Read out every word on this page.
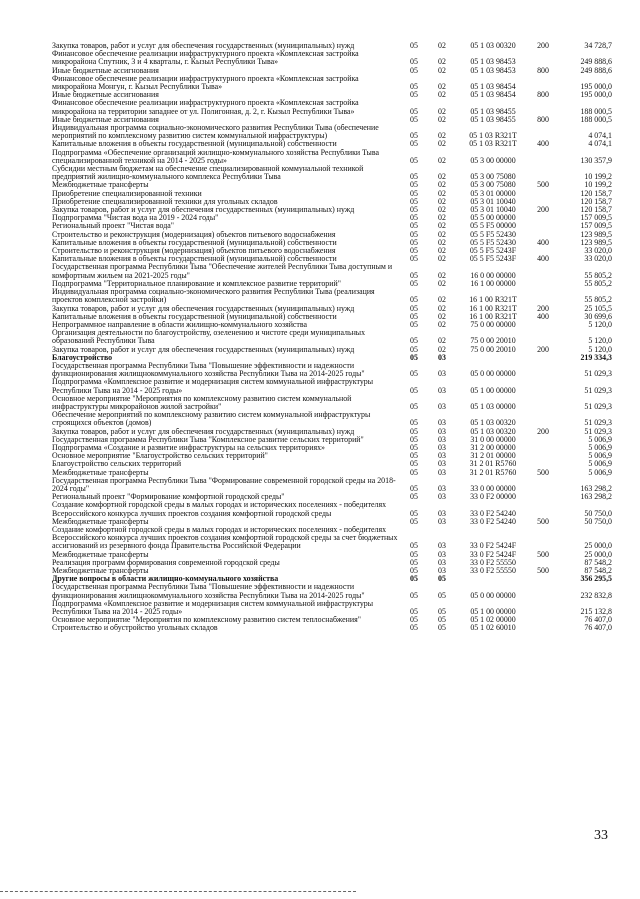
Закупка товаров, работ и услуг для обеспечения государственных (муниципальных) нужд	05	02	05 1 03 00320	200	34 728,7
Финансовое обеспечение реализации инфраструктурного проекта «Комплексная застройка микрорайона Спутник, 3 и 4 кварталы, г. Кызыл Республики Тыва»	05	02	05 1 03 98453	249 888,6
Иные бюджетные ассигнования	05	02	05 1 03 98453	800	249 888,6
Финансовое обеспечение реализации инфраструктурного проекта «Комплексная застройка микрорайона Монгун, г. Кызыл Республики Тыва»	05	02	05 1 03 98454	195 000,0
Иные бюджетные ассигнования	05	02	05 1 03 98454	800	195 000,0
Финансовое обеспечение реализации инфраструктурного проекта «Комплексная застройка микрорайона на территории западнее от ул. Полигонная, д. 2, г. Кызыл Республики Тыва»	05	02	05 1 03 98455	188 000,5
Иные бюджетные ассигнования	05	02	05 1 03 98455	800	188 000,5
Индивидуальная программа социально-экономического развития Республики Тыва (обеспечение мероприятий по комплексному развитию систем коммунальной инфраструктуры)	05	02	05 1 03 R321T	4 074,1
Капитальные вложения в объекты государственной (муниципальной) собственности	05	02	05 1 03 R321T	400	4 074,1
Подпрограмма «Обеспечение организаций жилищно-коммунального хозяйства Республики Тыва специализированной техникой на 2014 - 2025 годы»	05	02	05 3 00 00000	130 357,9
Субсидии местным бюджетам на обеспечение специализированной коммунальной техникой предприятий жилищно-коммунального комплекса Республики Тыва	05	02	05 3 00 75080	10 199,2
Межбюджетные трансферты	05	02	05 3 00 75080	500	10 199,2
Приобретение специализированной техники	05	02	05 3 01 00000	120 158,7
Приобретение специализированной техники для угольных складов	05	02	05 3 01 10040	120 158,7
Закупка товаров, работ и услуг для обеспечения государственных (муниципальных) нужд	05	02	05 3 01 10040	200	120 158,7
Подпрограмма "Чистая вода на 2019 - 2024 годы"	05	02	05 5 00 00000	157 009,5
Региональный проект "Чистая вода"	05	02	05 5 F5 00000	157 009,5
Строительство и реконструкция (модернизация) объектов питьевого водоснабжения	05	02	05 5 F5 52430	123 989,5
Капитальные вложения в объекты государственной (муниципальной) собственности	05	02	05 5 F5 52430	400	123 989,5
Строительство и реконструкция (модернизация) объектов питьевого водоснабжения	05	02	05 5 F5 5243F	33 020,0
Капитальные вложения в объекты государственной (муниципальной) собственности	05	02	05 5 F5 5243F	400	33 020,0
Государственная программа Республики Тыва "Обеспечение жителей Республики Тыва доступным и комфортным жильем на 2021-2025 годы"	05	02	16 0 00 00000	55 805,2
Подпрограмма "Территориальное планирование и комплексное развитие территорий"	05	02	16 1 00 00000	55 805,2
Индивидуальная программа социально-экономического развития Республики Тыва (реализация проектов комплексной застройки)	05	02	16 1 00 R321T	55 805,2
Закупка товаров, работ и услуг для обеспечения государственных (муниципальных) нужд	05	02	16 1 00 R321T	200	25 105,5
Капитальные вложения в объекты государственной (муниципальной) собственности	05	02	16 1 00 R321T	400	30 699,6
Непрограммное направление в области жилищно-коммунального хозяйства	05	02	75 0 00 00000	5 120,0
Организация деятельности по благоустройству, озеленению и чистоте среди муниципальных образований Республики Тыва	05	02	75 0 00 20010	5 120,0
Закупка товаров, работ и услуг для обеспечения государственных (муниципальных) нужд	05	02	75 0 00 20010	200	5 120,0
Благоустройство	05	03	219 334,3
Государственная программа Республики Тыва "Повышение эффективности и надежности функционирования жилищнокоммунального хозяйства Республики Тыва на 2014-2025 годы"	05	03	05 0 00 00000	51 029,3
Подпрограмма «Комплексное развитие и модернизация систем коммунальной инфраструктуры Республики Тыва на 2014 - 2025 годы»	05	03	05 1 00 00000	51 029,3
Основное мероприятие "Мероприятия по комплексному развитию систем коммунальной инфраструктуры микрорайонов жилой застройки"	05	03	05 1 03 00000	51 029,3
Обеспечение мероприятий по комплексному развитию систем коммунальной инфраструктуры строящихся объектов (домов)	05	03	05 1 03 00320	51 029,3
Закупка товаров, работ и услуг для обеспечения государственных (муниципальных) нужд	05	03	05 1 03 00320	200	51 029,3
Государственная программа Республики Тыва "Комплексное развитие сельских территорий"	05	03	31 0 00 00000	5 006,9
Подпрограмма «Создание и развитие инфраструктуры на сельских территориях»	05	03	31 2 00 00000	5 006,9
Основное мероприятие "Благоустройство сельских территорий"	05	03	31 2 01 00000	5 006,9
Благоустройство сельских территорий	05	03	31 2 01 R5760	5 006,9
Межбюджетные трансферты	05	03	31 2 01 R5760	500	5 006,9
Государственная программа Республики Тыва "Формирование современной городской среды на 2018-2024 годы"	05	03	33 0 00 00000	163 298,2
Региональный проект "Формирование комфортной городской среды"	05	03	33 0 F2 00000	163 298,2
Создание комфортной городской среды в малых городах и исторических поселениях - победителях Всероссийского конкурса лучших проектов создания комфортной городской среды	05	03	33 0 F2 54240	50 750,0
Межбюджетные трансферты	05	03	33 0 F2 54240	500	50 750,0
Создание комфортной городской среды в малых городах и исторических поселениях - победителях Всероссийского конкурса лучших проектов создания комфортной городской среды за счет бюджетных ассигнований из резервного фонда Правительства Российской Федерации	05	03	33 0 F2 5424F	25 000,0
Межбюджетные трансферты	05	03	33 0 F2 5424F	500	25 000,0
Реализация программ формирования современной городской среды	05	03	33 0 F2 55550	87 548,2
Межбюджетные трансферты	05	03	33 0 F2 55550	500	87 548,2
Другие вопросы в области жилищно-коммунального хозяйства	05	05	356 295,5
Государственная программа Республики Тыва "Повышение эффективности и надежности функционирования жилищнокоммунального хозяйства Республики Тыва на 2014-2025 годы"	05	05	05 0 00 00000	232 832,8
Подпрограмма «Комплексное развитие и модернизация систем коммунальной инфраструктуры Республики Тыва на 2014 - 2025 годы»	05	05	05 1 00 00000	215 132,8
Основное мероприятие "Мероприятия по комплексному развитию систем теплоснабжения"	05	05	05 1 02 00000	76 407,0
Строительство и обустройство угольных складов	05	05	05 1 02 60010	76 407,0
33
